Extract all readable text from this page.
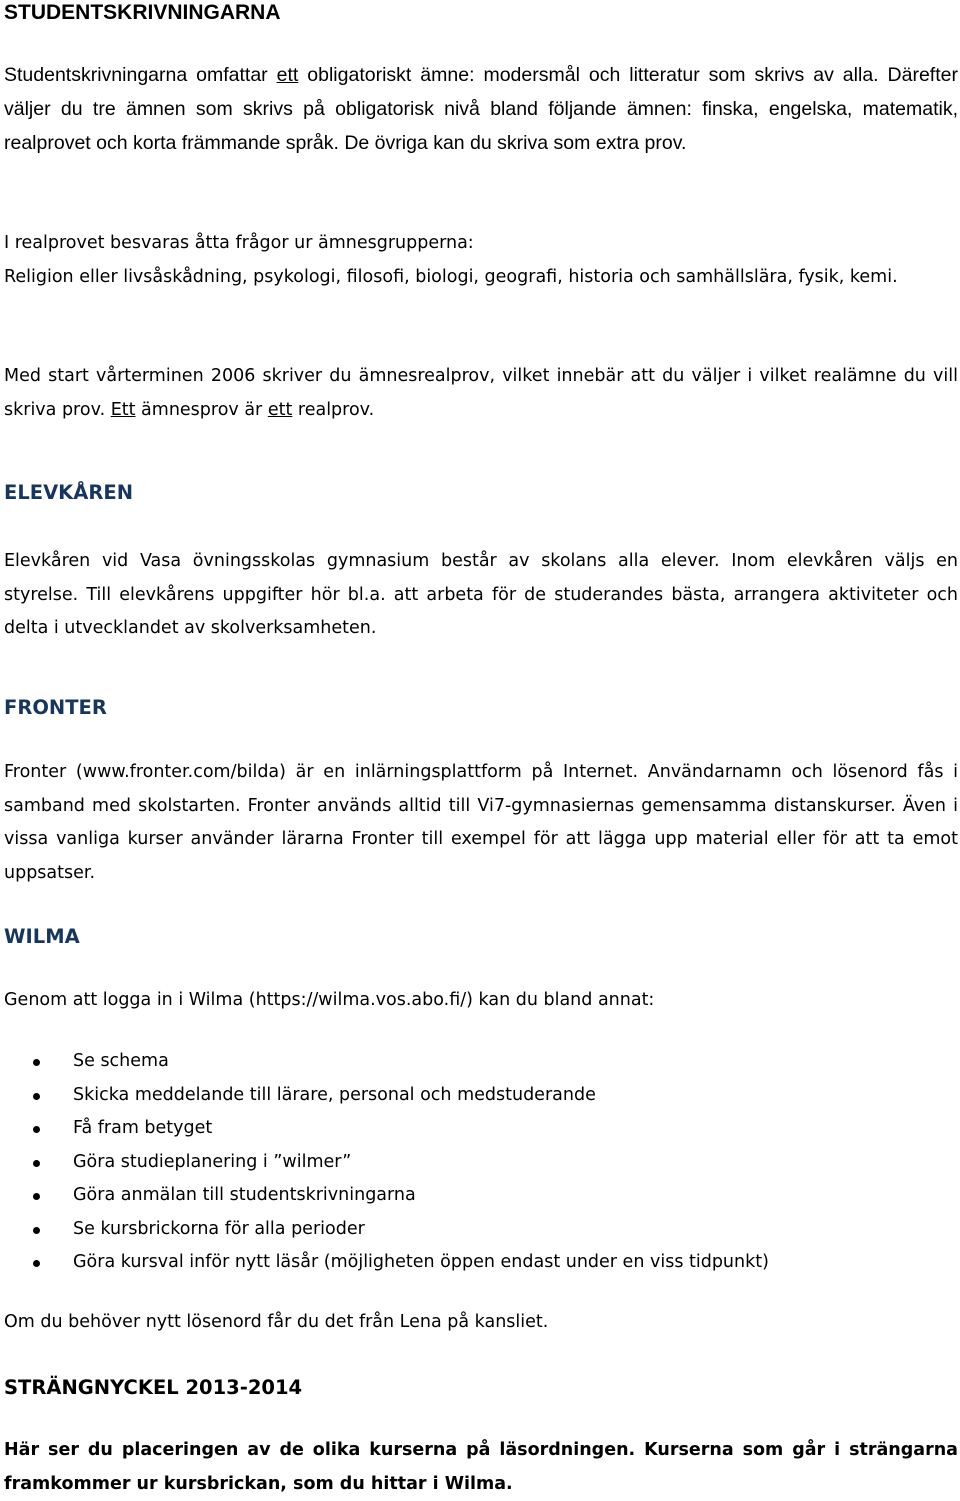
STUDENTSKRIVNINGARNA

Studentskrivningarna omfattar ett obligatoriskt ämne: modersmål och litteratur som skrivs av alla. Därefter väljer du tre ämnen som skrivs på obligatorisk nivå bland följande ämnen: finska, engelska, matematik, realprovet och korta främmande språk. De övriga kan du skriva som extra prov.

I realprovet besvaras åtta frågor ur ämnesgrupperna:

Religion eller livsåskådning, psykologi, filosofi, biologi, geografi, historia och samhällslära, fysik, kemi.

Med start vårterminen 2006 skriver du ämnesrealprov, vilket innebär att du väljer i vilket realämne du vill skriva prov. Ett ämnesprov är ett realprov.

ELEVKÅREN

Elevkåren vid Vasa övningsskolas gymnasium består av skolans alla elever. Inom elevkåren väljs en styrelse. Till elevkårens uppgifter hör bl.a. att arbeta för de studerandes bästa, arrangera aktiviteter och delta i utvecklandet av skolverksamheten.

FRONTER

Fronter (www.fronter.com/bilda) är en inlärningsplattform på Internet. Användarnamn och lösenord fås i samband med skolstarten. Fronter används alltid till Vi7-gymnasiernas gemensamma distanskurser. Även i vissa vanliga kurser använder lärarna Fronter till exempel för att lägga upp material eller för att ta emot uppsatser.

WILMA

Genom att logga in i Wilma (https://wilma.vos.abo.fi/) kan du bland annat:

Se schema
Skicka meddelande till lärare, personal och medstuderande
Få fram betyget
Göra studieplanering i ”wilmer”
Göra anmälan till studentskrivningarna
Se kursbrickorna för alla perioder
Göra kursval inför nytt läsår (möjligheten öppen endast under en viss tidpunkt)

Om du behöver nytt lösenord får du det från Lena på kansliet.

STRÄNGNYCKEL 2013-2014

Här ser du placeringen av de olika kurserna på läsordningen. Kurserna som går i strängarna framkommer ur kursbrickan, som du hittar i Wilma.
